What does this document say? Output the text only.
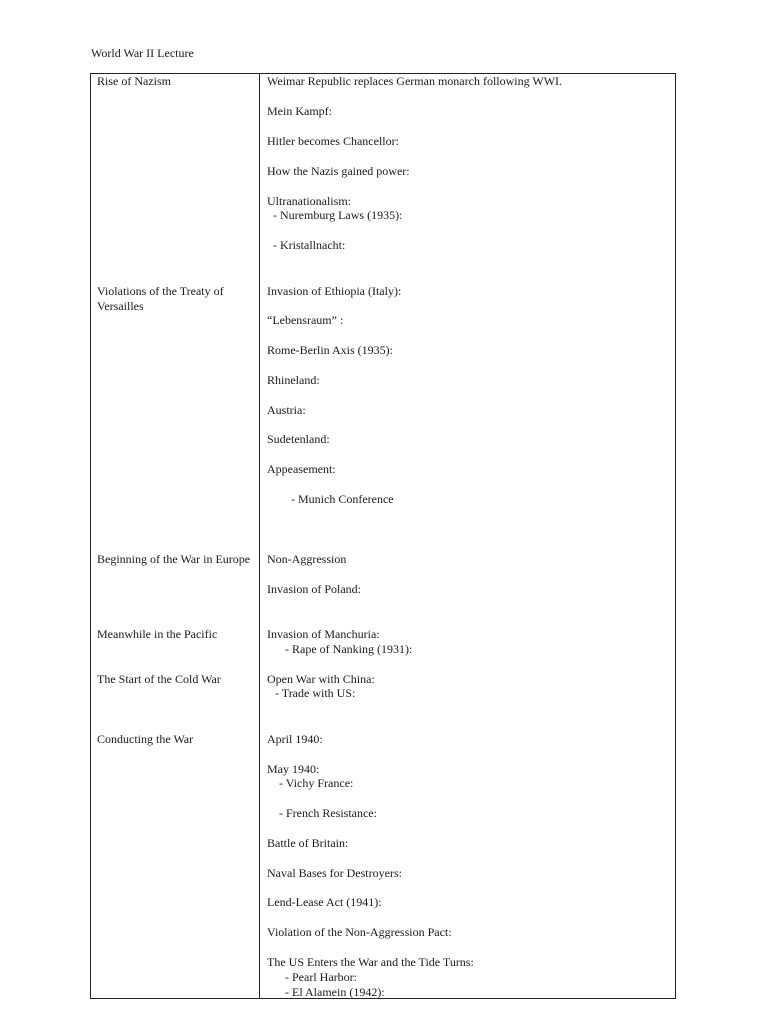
World War II Lecture
Rise of Nazism
Violations of the Treaty of Versailles
Beginning of the War in Europe
Meanwhile in the Pacific
The Start of the Cold War
Conducting the War
Weimar Republic replaces German monarch following WWI.
Mein Kampf:
Hitler becomes Chancellor:
How the Nazis gained power:
Ultranationalism:
- Nuremburg Laws (1935):
- Kristallnacht:
Invasion of Ethiopia (Italy):
“Lebensraum” :
Rome-Berlin Axis (1935):
Rhineland:
Austria:
Sudetenland:
Appeasement:
- Munich Conference
Non-Aggression
Invasion of Poland:
Invasion of Manchuria:
- Rape of Nanking (1931):
Open War with China:
- Trade with US:
April 1940:
May 1940:
- Vichy France:
- French Resistance:
Battle of Britain:
Naval Bases for Destroyers:
Lend-Lease Act (1941):
Violation of the Non-Aggression Pact:
The US Enters the War and the Tide Turns:
- Pearl Harbor:
- El Alamein (1942):
